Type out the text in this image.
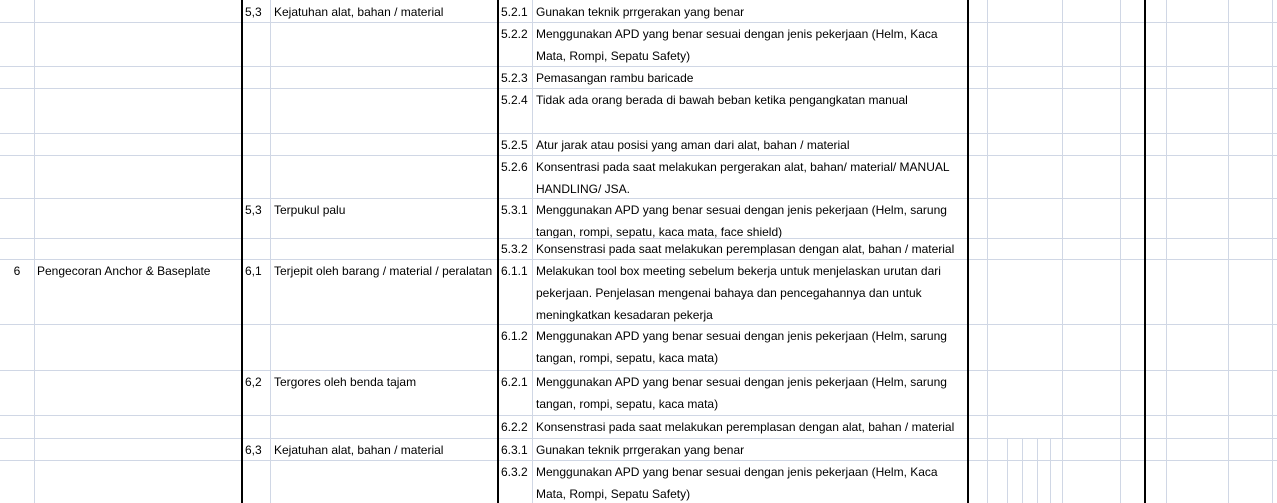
5,3	Kejatuhan alat, bahan / material	5.2.1 Gunakan teknik prrgerakan yang benar
5.2.2 Menggunakan APD yang benar sesuai dengan jenis pekerjaan (Helm, Kaca
Mata, Rompi, Sepatu Safety)
5.2.3 Pemasangan rambu baricade
5.2.4 Tidak ada orang berada di bawah beban ketika pengangkatan manual
5.2.5 Atur jarak atau posisi yang aman dari alat, bahan / material
5.2.6 Konsentrasi pada saat melakukan pergerakan alat, bahan/ material/ MANUAL
HANDLING/ JSA.
5,3	Terpukul palu	5.3.1 Menggunakan APD yang benar sesuai dengan jenis pekerjaan (Helm, sarung
tangan, rompi, sepatu, kaca mata, face shield)
5.3.2 Konsenstrasi pada saat melakukan peremplasan dengan alat, bahan / material
6	Pengecoran Anchor & Baseplate	6,1	Terjepit oleh barang / material / peralatan 6.1.1 Melakukan tool box meeting sebelum bekerja untuk menjelaskan urutan dari
pekerjaan. Penjelasan mengenai bahaya dan pencegahannya dan untuk
meningkatkan kesadaran pekerja
6.1.2 Menggunakan APD yang benar sesuai dengan jenis pekerjaan (Helm, sarung
tangan, rompi, sepatu, kaca mata)
6,2	Tergores oleh benda tajam	6.2.1 Menggunakan APD yang benar sesuai dengan jenis pekerjaan (Helm, sarung
tangan, rompi, sepatu, kaca mata)
6.2.2 Konsenstrasi pada saat melakukan peremplasan dengan alat, bahan / material
6,3	Kejatuhan alat, bahan / material	6.3.1 Gunakan teknik prrgerakan yang benar
6.3.2 Menggunakan APD yang benar sesuai dengan jenis pekerjaan (Helm, Kaca
Mata, Rompi, Sepatu Safety)
